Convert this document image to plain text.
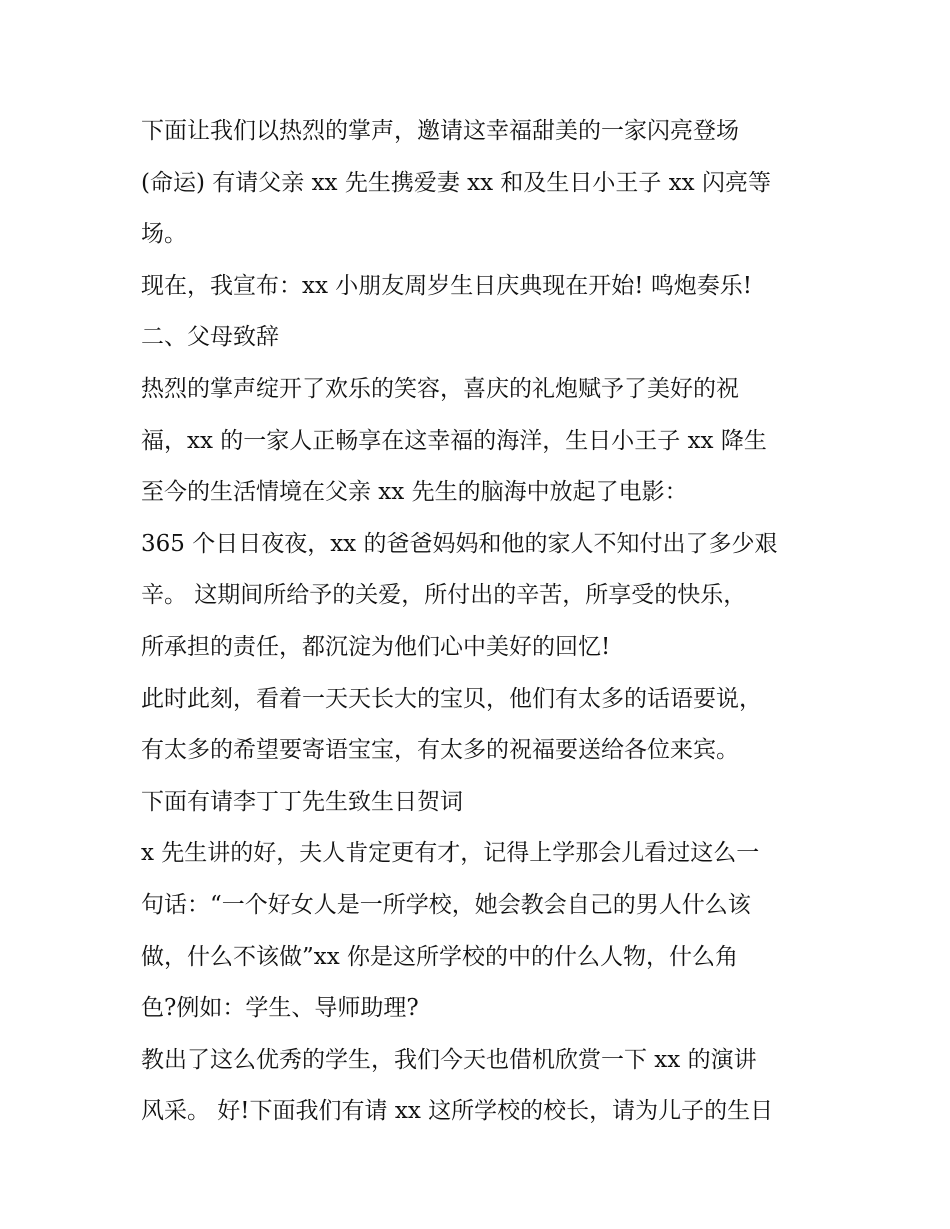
下面让我们以热烈的掌声，邀请这幸福甜美的一家闪亮登场
(命运) 有请父亲 xx 先生携爱妻 xx 和及生日小王子 xx 闪亮等
场。
现在，我宣布：xx 小朋友周岁生日庆典现在开始! 鸣炮奏乐!
二、父母致辞
热烈的掌声绽开了欢乐的笑容，喜庆的礼炮赋予了美好的祝
福，xx 的一家人正畅享在这幸福的海洋，生日小王子 xx 降生
至今的生活情境在父亲 xx 先生的脑海中放起了电影：
365 个日日夜夜，xx 的爸爸妈妈和他的家人不知付出了多少艰
辛。 这期间所给予的关爱，所付出的辛苦，所享受的快乐，
所承担的责任，都沉淀为他们心中美好的回忆!
此时此刻，看着一天天长大的宝贝，他们有太多的话语要说，
有太多的希望要寄语宝宝，有太多的祝福要送给各位来宾。
下面有请李丁丁先生致生日贺词
x 先生讲的好，夫人肯定更有才，记得上学那会儿看过这么一
句话：“一个好女人是一所学校，她会教会自己的男人什么该
做，什么不该做”xx 你是这所学校的中的什么人物，什么角
色?例如：学生、导师助理?
教出了这么优秀的学生，我们今天也借机欣赏一下 xx 的演讲
风采。 好!下面我们有请 xx 这所学校的校长，请为儿子的生日
